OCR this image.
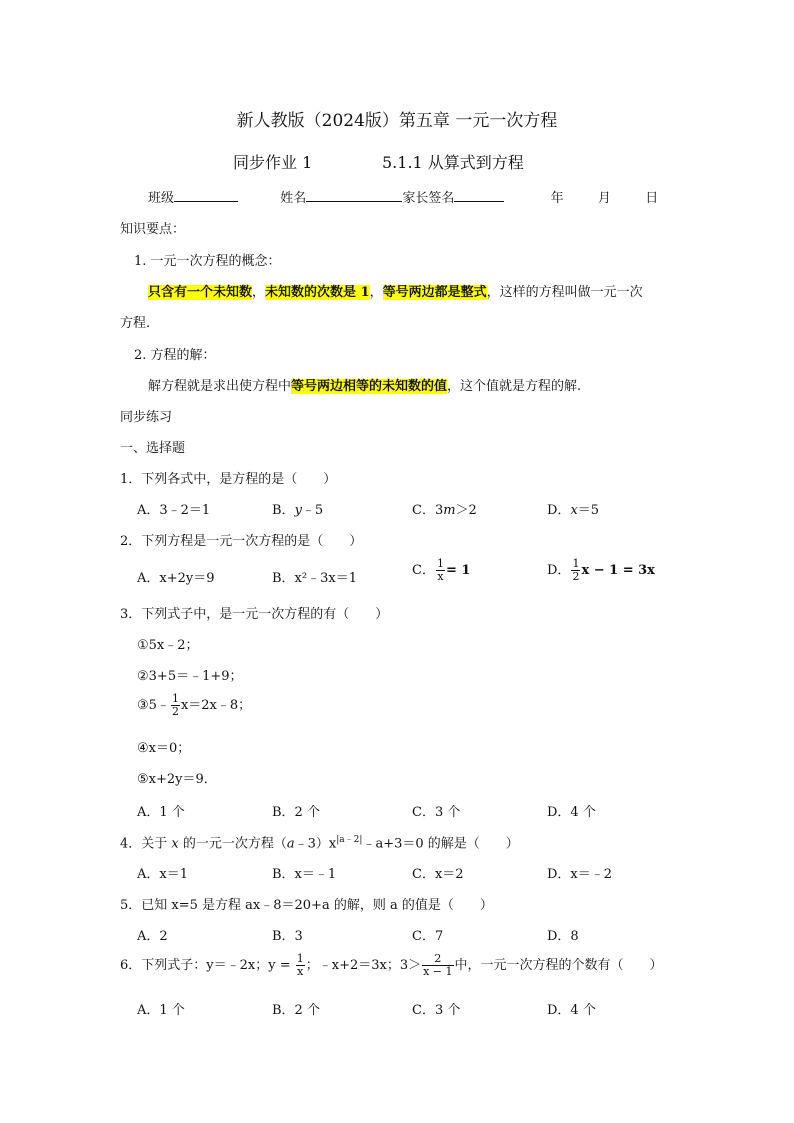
新人教版（2024版）第五章 一元一次方程
同步作业 1	5.1.1 从算式到方程
班级	姓名	家长签名	年	月	日
知识要点：
1. 一元一次方程的概念：
只含有一个未知数，未知数的次数是 1，等号两边都是整式，这样的方程叫做一元一次
方程.
2. 方程的解：
解方程就是求出使方程中等号两边相等的未知数的值，这个值就是方程的解.
同步练习
一、选择题
1．下列各式中，是方程的是（　　）
A．3﹣2＝1	B．y﹣5	C．3m＞2	D．x＝5
2．下列方程是一元一次方程的是（　　）
A．x+2y＝9	B．x²﹣3x＝1
C． $\frac{1}{x} = 1$	D． $\frac{1}{2}$ x − 1 = 3x
3．下列式子中，是一元一次方程的有（　　）
①5x﹣2；
②3+5＝﹣1+9；
③5﹣ $\frac{1}{2}$ x＝2x﹣8；
④x＝0；
⑤x+2y＝9．
A．1 个	B．2 个	C．3 个	D．4 个
4．关于 x 的一元一次方程$(a﹣3)x^{|a﹣2|}﹣a+3=0$ 的解是（　　）
A．x＝1	B．x＝﹣1	C．x＝2	D．x＝﹣2
5．已知 x=5 是方程 ax﹣8＝20+a 的解，则 a 的值是（　　）
A．2	B．3	C．7	D．8
6．下列式子：y＝﹣2x；$y = \frac{1}{x}$ ；﹣x+2＝3x；$3> \frac{2}{x - 1}$ 中，一元一次方程的个数有（　　）
A．1 个	B．2 个	C．3 个	D．4 个
